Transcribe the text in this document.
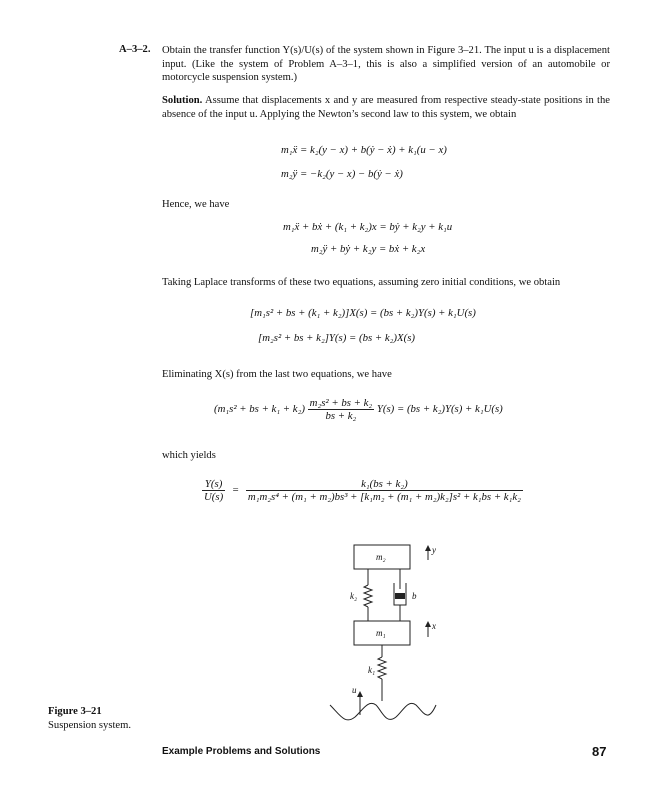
A–3–2. Obtain the transfer function Y(s)/U(s) of the system shown in Figure 3–21. The input u is a displacement input. (Like the system of Problem A–3–1, this is also a simplified version of an automobile or motorcycle suspension system.)
Solution. Assume that displacements x and y are measured from respective steady-state positions in the absence of the input u. Applying the Newton’s second law to this system, we obtain
m₁ẍ = k₂(y − x) + b(ẏ − ẋ) + k₁(u − x)
m₂ÿ = −k₂(y − x) − b(ẏ − ẋ)
Hence, we have
m₁ẍ + bẋ + (k₁ + k₂)x = bẏ + k₂y + k₁u
m₂ÿ + bẏ + k₂y = bẋ + k₂x
Taking Laplace transforms of these two equations, assuming zero initial conditions, we obtain
[m₁s² + bs + (k₁ + k₂)]X(s) = (bs + k₂)Y(s) + k₁U(s)
[m₂s² + bs + k₂]Y(s) = (bs + k₂)X(s)
Eliminating X(s) from the last two equations, we have
(m₁s² + bs + $k_1 + k_2) \frac{\text{m₂s² + bs + k₂}}{\text{bs + k₂}} Y(s) = (bs + k_2)Y(s) + k_1U(s)$
which yields
$\frac{Y(s)}{U(s)} = \frac{\text{k₁(bs + k₂)}}{\text{m₁m₂s⁴ + (m₁ + m₂)bs³ + [k₁m₂ + (m₁ + m₂)k₂]s² + k₁bs + k₁k₂}}$
m₂
m₁
k₂	b
k₁
y
x
u
Figure 3–21
Suspension system.
Example Problems and Solutions	87
